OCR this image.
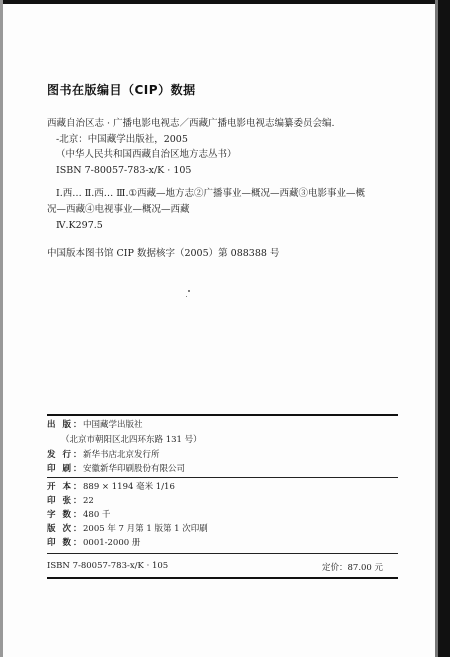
图书在版编目（CIP）数据
西藏自治区志 · 广播电影电视志／西藏广播电影电视志编纂委员会编.
-北京：中国藏学出版社，2005
（中华人民共和国西藏自治区地方志丛书）
ISBN 7-80057-783-x/K · 105
Ⅰ.西… Ⅱ.西… Ⅲ.①西藏—地方志②广播事业—概况—西藏③电影事业—概
况—西藏④电视事业—概况—西藏
Ⅳ.K297.5
中国版本图书馆 CIP 数据核字（2005）第 088388 号
出 版：中国藏学出版社
（北京市朝阳区北四环东路 131 号）
发 行：新华书店北京发行所
印 刷：安徽新华印刷股份有限公司
开 本：889 × 1194 毫米 1/16
印 张：22
字 数：480 千
版 次：2005 年 7 月第 1 版第 1 次印刷
印 数：0001-2000 册
ISBN 7-80057-783-x/K · 105	定价：87.00 元
